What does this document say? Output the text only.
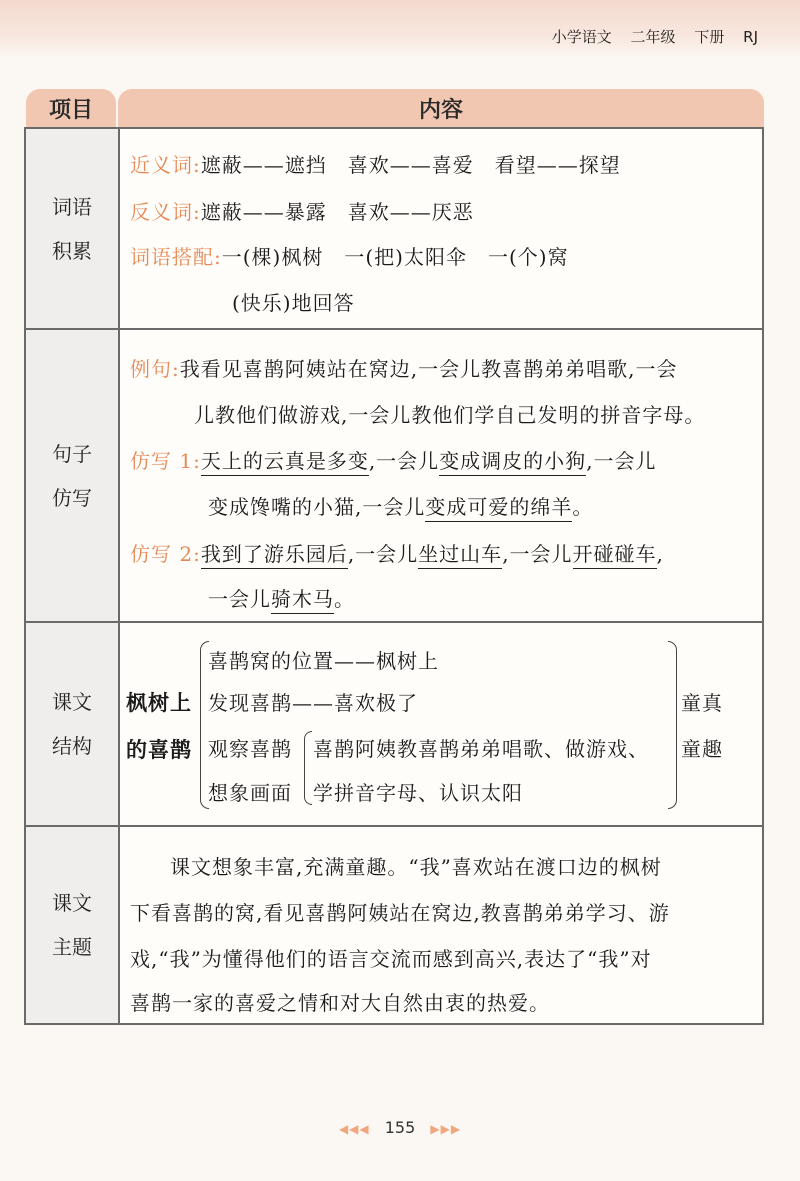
小学语文 二年级 下册 RJ
项目	内容
词语
积累
句子
仿写
课文
结构
课文
主题
近义词:遮蔽——遮挡　喜欢——喜爱　看望——探望
反义词:遮蔽——暴露　喜欢——厌恶
词语搭配:一(棵)枫树　一(把)太阳伞　一(个)窝
(快乐)地回答
例句:我看见喜鹊阿姨站在窝边,一会儿教喜鹊弟弟唱歌,一会
儿教他们做游戏,一会儿教他们学自己发明的拼音字母。
仿写 1:天上的云真是多变,一会儿变成调皮的小狗,一会儿
变成馋嘴的小猫,一会儿变成可爱的绵羊。
仿写 2:我到了游乐园后,一会儿坐过山车,一会儿开碰碰车,
一会儿骑木马。
枫树上
的喜鹊
喜鹊窝的位置——枫树上
发现喜鹊——喜欢极了
观察喜鹊
想象画面
喜鹊阿姨教喜鹊弟弟唱歌、做游戏、
学拼音字母、认识太阳
童真
童趣
课文想象丰富,充满童趣。“我”喜欢站在渡口边的枫树
下看喜鹊的窝,看见喜鹊阿姨站在窝边,教喜鹊弟弟学习、游
戏,“我”为懂得他们的语言交流而感到高兴,表达了“我”对
喜鹊一家的喜爱之情和对大自然由衷的热爱。
◀◀◀ 155 ▶▶▶
